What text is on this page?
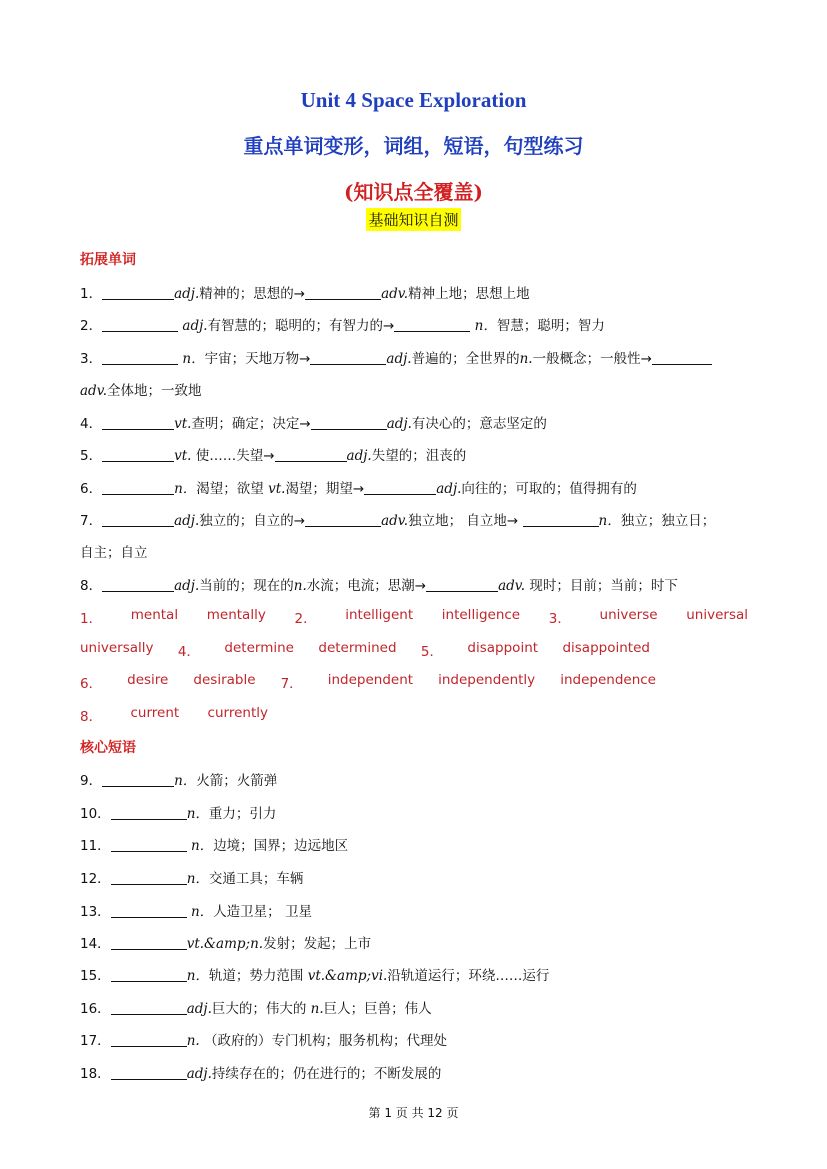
Unit 4 Space Exploration
重点单词变形，词组，短语，句型练习
(知识点全覆盖)
基础知识自测
拓展单词
1．	adj.精神的；思想的→	adv.精神上地；思想上地
2．	adj.有智慧的；聪明的；有智力的→	n．智慧；聪明；智力
3．	n．宇宙；天地万物→	adj.普遍的；全世界的n.一般概念；一般性→
adv.全体地；一致地
4．	vt.查明；确定；决定→	adj.有决心的；意志坚定的
5．	vt. 使……失望→	adj.失望的；沮丧的
6．	n．渴望；欲望 vt.渴望；期望→	adj.向往的；可取的；值得拥有的
7．	adj.独立的；自立的→	adv.独立地； 自立地→	n．独立；独立日；
自主；自立
8．	adj.当前的；现在的n.水流；电流；思潮→	adv. 现时；目前；当前；时下
1． mental mentally 2． intelligent intelligence 3． universe universal
universally 4． determine determined 5． disappoint disappointed
6． desire desirable 7． independent independently independence
8． current currently
核心短语
9．	n．火箭；火箭弹
10．	n．重力；引力
11．	n．边境；国界；边远地区
12．	n．交通工具；车辆
13．	n．人造卫星； 卫星
14．	vt.&amp;n.发射；发起；上市
15．	n．轨道；势力范围 vt.&amp;vi.沿轨道运行；环绕……运行
16．	adj.巨大的；伟大的 n.巨人；巨兽；伟人
17．	n. （政府的）专门机构；服务机构；代理处
18．	adj.持续存在的；仍在进行的；不断发展的
第 1 页 共 12 页
